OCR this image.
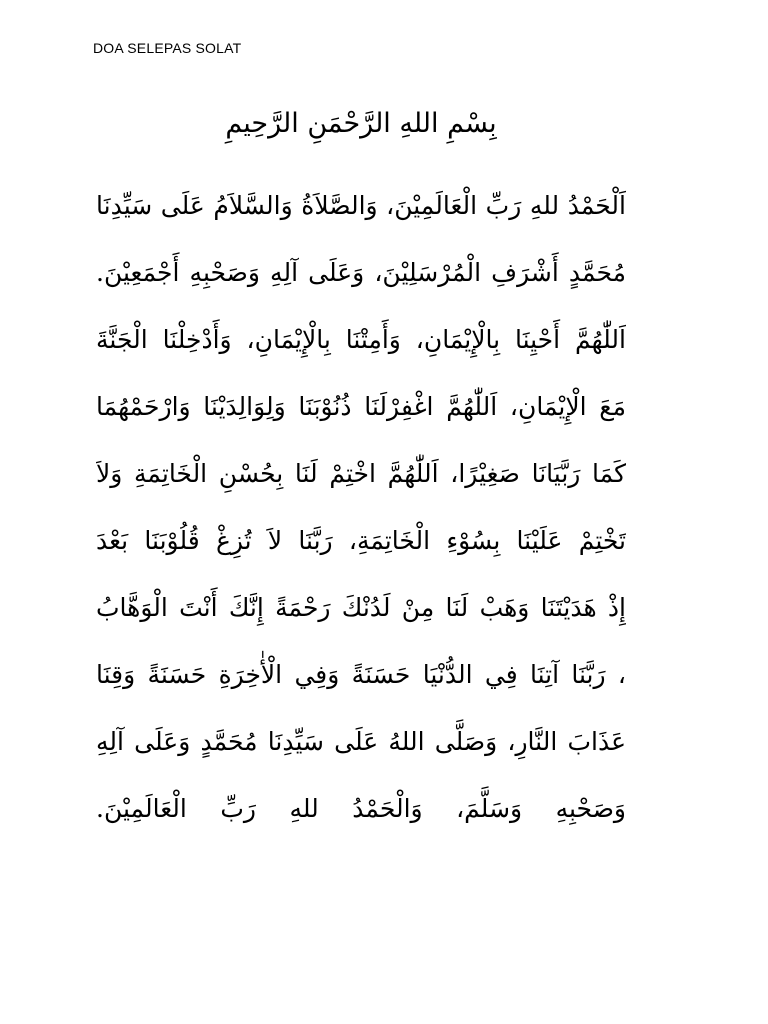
DOA SELEPAS SOLAT
بِسْمِ اللهِ الرَّحْمَنِ الرَّحِيمِ
اَلْحَمْدُ للهِ رَبِّ الْعَالَمِيْنَ، وَالصَّلاَةُ وَالسَّلاَمُ عَلَى سَيِّدِنَا
مُحَمَّدٍ أَشْرَفِ الْمُرْسَلِيْنَ، وَعَلَى آلِهِ وَصَحْبِهِ أَجْمَعِيْنَ.
اَللّٰهُمَّ أَحْيِنَا بِالْإِيْمَانِ، وَأَمِتْنَا بِالْإِيْمَانِ، وَأَدْخِلْنَا الْجَنَّةَ
مَعَ الْإِيْمَانِ، اَللّٰهُمَّ اغْفِرْلَنَا ذُنُوْبَنَا وَلِوَالِدَيْنَا وَارْحَمْهُمَا
كَمَا رَبَّيَانَا صَغِيْرًا، اَللّٰهُمَّ اخْتِمْ لَنَا بِحُسْنِ الْخَاتِمَةِ وَلاَ
تَخْتِمْ عَلَيْنَا بِسُوْءِ الْخَاتِمَةِ، رَبَّنَا لاَ تُزِغْ قُلُوْبَنَا بَعْدَ
إِذْ هَدَيْتَنَا وَهَبْ لَنَا مِنْ لَدُنْكَ رَحْمَةً إِنَّكَ أَنْتَ الْوَهَّابُ
، رَبَّنَا آتِنَا فِي الدُّنْيَا حَسَنَةً وَفِي الْأٰخِرَةِ حَسَنَةً وَقِنَا
عَذَابَ النَّارِ، وَصَلَّى اللهُ عَلَى سَيِّدِنَا مُحَمَّدٍ وَعَلَى آلِهِ
وَصَحْبِهِ وَسَلَّمَ، وَالْحَمْدُ للهِ رَبِّ الْعَالَمِيْنَ.
